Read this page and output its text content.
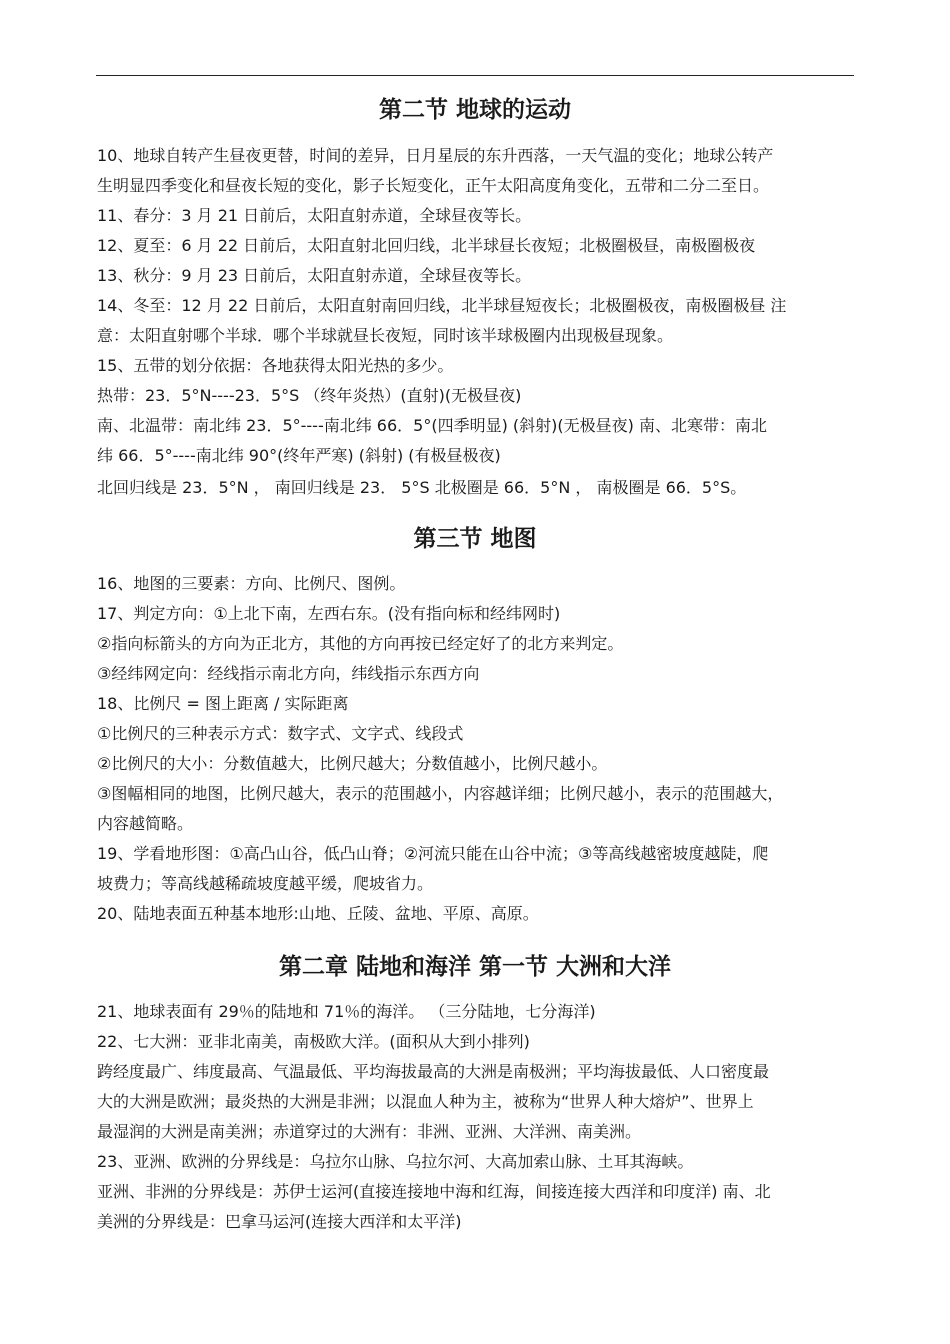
第二节 地球的运动
10、地球自转产生昼夜更替，时间的差异，日月星辰的东升西落，一天气温的变化；地球公转产
生明显四季变化和昼夜长短的变化，影子长短变化，正午太阳高度角变化，五带和二分二至日。
11、春分：3 月 21 日前后，太阳直射赤道，全球昼夜等长。
12、夏至：6 月 22 日前后，太阳直射北回归线，北半球昼长夜短；北极圈极昼，南极圈极夜
13、秋分：9 月 23 日前后，太阳直射赤道，全球昼夜等长。
14、冬至：12 月 22 日前后，太阳直射南回归线，北半球昼短夜长；北极圈极夜，南极圈极昼 注
意：太阳直射哪个半球．哪个半球就昼长夜短，同时该半球极圈内出现极昼现象。
15、五带的划分依据：各地获得太阳光热的多少。
热带：23．5°N----23．5°S （终年炎热）(直射)(无极昼夜)
南、北温带：南北纬 23．5°----南北纬 66．5°(四季明显) (斜射)(无极昼夜) 南、北寒带：南北
纬 66．5°----南北纬 90°(终年严寒) (斜射) (有极昼极夜)
北回归线是 23．5°N ， 南回归线是 23． 5°S 北极圈是 66．5°N ， 南极圈是 66．5°S。
第三节 地图
16、地图的三要素：方向、比例尺、图例。
17、判定方向：①上北下南，左西右东。(没有指向标和经纬网时)
②指向标箭头的方向为正北方，其他的方向再按已经定好了的北方来判定。
③经纬网定向：经线指示南北方向，纬线指示东西方向
18、比例尺 = 图上距离 / 实际距离
①比例尺的三种表示方式：数字式、文字式、线段式
②比例尺的大小：分数值越大，比例尺越大；分数值越小，比例尺越小。
③图幅相同的地图，比例尺越大，表示的范围越小，内容越详细；比例尺越小，表示的范围越大，
内容越简略。
19、学看地形图：①高凸山谷，低凸山脊；②河流只能在山谷中流；③等高线越密坡度越陡，爬
坡费力；等高线越稀疏坡度越平缓，爬坡省力。
20、陆地表面五种基本地形:山地、丘陵、盆地、平原、高原。
第二章 陆地和海洋 第一节 大洲和大洋
21、地球表面有 29％的陆地和 71％的海洋。 （三分陆地，七分海洋)
22、七大洲：亚非北南美，南极欧大洋。(面积从大到小排列)
跨经度最广、纬度最高、气温最低、平均海拔最高的大洲是南极洲；平均海拔最低、人口密度最
大的大洲是欧洲；最炎热的大洲是非洲；以混血人种为主，被称为“世界人种大熔炉”、世界上
最湿润的大洲是南美洲；赤道穿过的大洲有：非洲、亚洲、大洋洲、南美洲。
23、亚洲、欧洲的分界线是：乌拉尔山脉、乌拉尔河、大高加索山脉、土耳其海峡。
亚洲、非洲的分界线是：苏伊士运河(直接连接地中海和红海，间接连接大西洋和印度洋) 南、北
美洲的分界线是：巴拿马运河(连接大西洋和太平洋)
